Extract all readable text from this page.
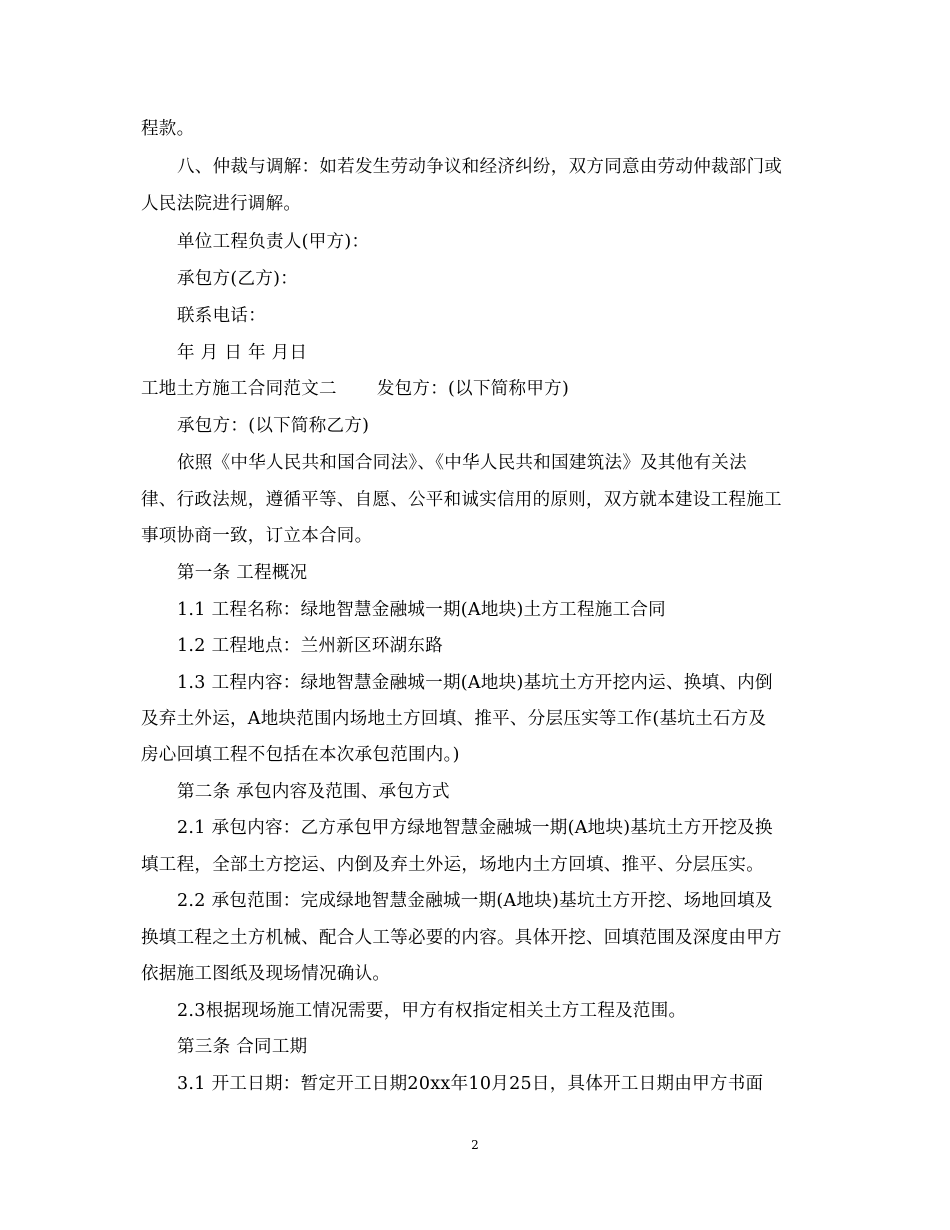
程款。
八、仲裁与调解：如若发生劳动争议和经济纠纷，双方同意由劳动仲裁部门或
人民法院进行调解。
单位工程负责人(甲方)：
承包方(乙方)：
联系电话：
年 月 日 年 月日
工地土方施工合同范文二 发包方：(以下简称甲方)
承包方：(以下简称乙方)
依照《中华人民共和国合同法》、《中华人民共和国建筑法》及其他有关法
律、行政法规，遵循平等、自愿、公平和诚实信用的原则，双方就本建设工程施工
事项协商一致，订立本合同。
第一条 工程概况
1.1 工程名称：绿地智慧金融城一期(A地块)土方工程施工合同
1.2 工程地点：兰州新区环湖东路
1.3 工程内容：绿地智慧金融城一期(A地块)基坑土方开挖内运、换填、内倒
及弃土外运，A地块范围内场地土方回填、推平、分层压实等工作(基坑土石方及
房心回填工程不包括在本次承包范围内。)
第二条 承包内容及范围、承包方式
2.1 承包内容：乙方承包甲方绿地智慧金融城一期(A地块)基坑土方开挖及换
填工程，全部土方挖运、内倒及弃土外运，场地内土方回填、推平、分层压实。
2.2 承包范围：完成绿地智慧金融城一期(A地块)基坑土方开挖、场地回填及
换填工程之土方机械、配合人工等必要的内容。具体开挖、回填范围及深度由甲方
依据施工图纸及现场情况确认。
2.3根据现场施工情况需要，甲方有权指定相关土方工程及范围。
第三条 合同工期
3.1 开工日期：暂定开工日期20xx年10月25日，具体开工日期由甲方书面
2
